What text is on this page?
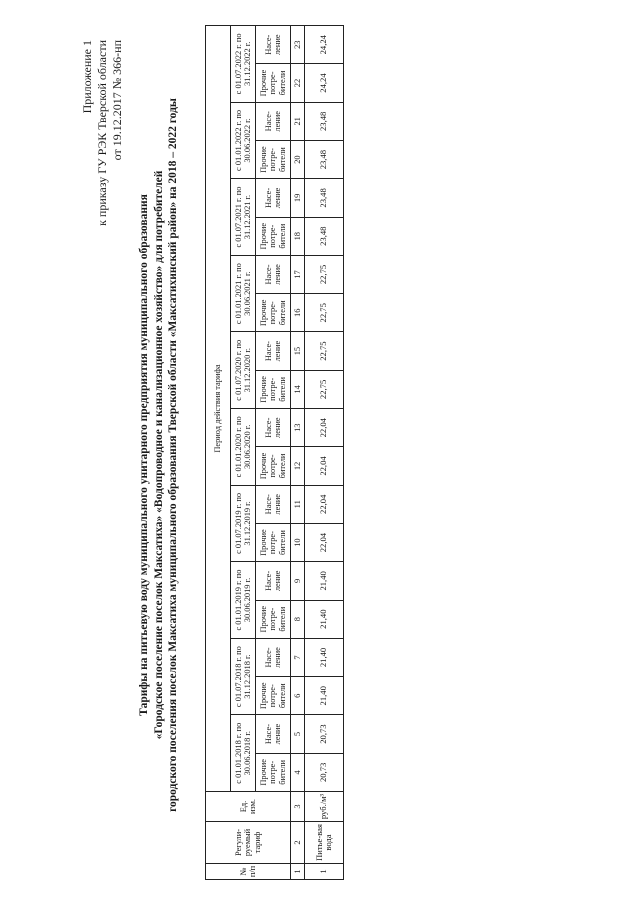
Приложение 1 к приказу ГУ РЭК Тверской области от 19.12.2017 № 366-нп
Тарифы на питьевую воду муниципального унитарного предприятия муниципального образования «Городское поселение поселок Максатиха» «Водопроводное и канализационное хозяйство» для потребителей городского поселения поселок Максатиха муниципального образования Тверской области «Максатихинский район» на 2018 – 2022 годы
№ п/п	Регули-руемый тариф	Ед. изм.	Период действия тарифа																			
			с 01.01.2018 г. по 30.06.2018 г.		с 01.07.2018 г. по 31.12.2018 г.		с 01.01.2019 г. по 30.06.2019 г.		с 01.07.2019 г. по 31.12.2019 г.		с 01.01.2020 г. по 30.06.2020 г.		с 01.07.2020 г. по 31.12.2020 г.		с 01.01.2021 г. по 30.06.2021 г.		с 01.07.2021 г. по 31.12.2021 г.		с 01.01.2022 г. по 30.06.2022 г.		с 01.07.2022 г. по 31.12.2022 г.	
			Прочие потре-бители	Насе-ление	Прочие потре-бители	Насе-ление	Прочие потре-бители	Насе-ление	Прочие потре-бители	Насе-ление	Прочие потре-бители	Насе-ление	Прочие потре-бители	Насе-ление	Прочие потре-бители	Насе-ление	Прочие потре-бители	Насе-ление	Прочие потре-бители	Насе-ление	Прочие потре-бители	Насе-ление
1	2	3	4	5	6	7	8	9	10	11	12	13	14	15	16	17	18	19	20	21	22	23
1	Питье-вая вода	руб./м³	20,73	20,73	21,40	21,40	21,40	21,40	22,04	22,04	22,04	22,04	22,75	22,75	22,75	22,75	23,48	23,48	23,48	23,48	24,24	24,24
